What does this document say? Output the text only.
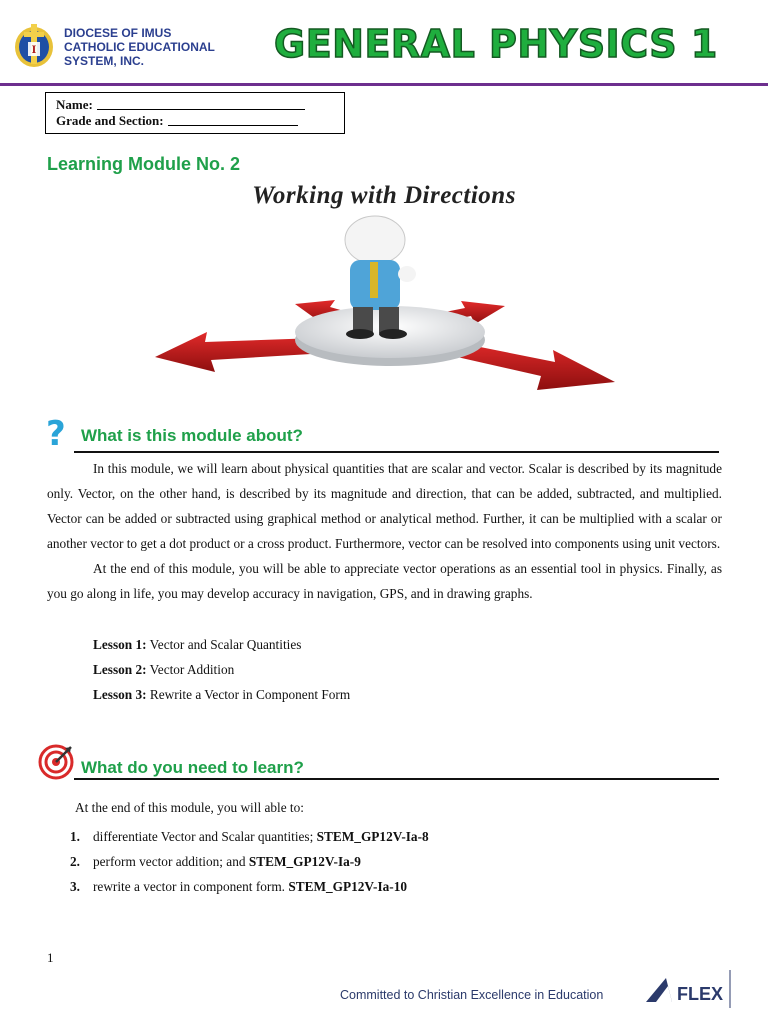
I
DIOCESE OF IMUS
CATHOLIC EDUCATIONAL
SYSTEM, INC.	GENERAL PHYSICS 1
Name:
Grade and Section:
Learning Module No. 2
Working with Directions
? What is this module about?

In this module, we will learn about physical quantities that are scalar and vector. Scalar is described by its magnitude only. Vector, on the other hand, is described by its magnitude and direction, that can be added, subtracted, and multiplied. Vector can be added or subtracted using graphical method or analytical method. Further, it can be multiplied with a scalar or another vector to get a dot product or a cross product. Furthermore, vector can be resolved into components using unit vectors.

At the end of this module, you will be able to appreciate vector operations as an essential tool in physics. Finally, as you go along in life, you may develop accuracy in navigation, GPS, and in drawing graphs.

Lesson 1: Vector and Scalar Quantities
Lesson 2: Vector Addition
Lesson 3: Rewrite a Vector in Component Form
What do you need to learn?
At the end of this module, you will able to:
1. differentiate Vector and Scalar quantities; STEM_GP12V-Ia-8
2. perform vector addition; and STEM_GP12V-Ia-9
3. rewrite a vector in component form. STEM_GP12V-Ia-10
1
Committed to Christian Excellence in Education	FLEX
